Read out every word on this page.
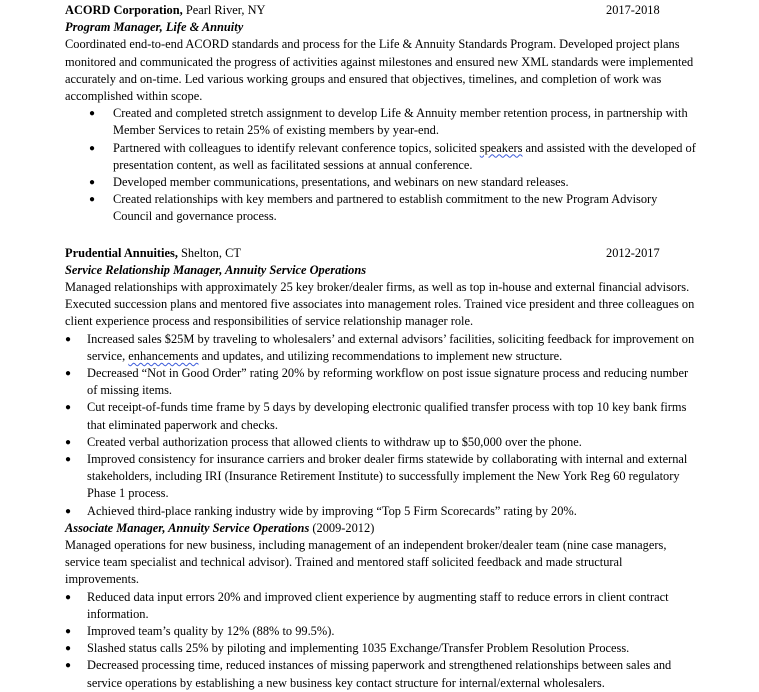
ACORD Corporation, Pearl River, NY	2017-2018
Program Manager, Life & Annuity

Coordinated end-to-end ACORD standards and process for the Life & Annuity Standards Program. Developed project plans monitored and communicated the progress of activities against milestones and ensured new XML standards were implemented accurately and on-time. Led various working groups and ensured that objectives, timelines, and completion of work was accomplished within scope.

● Created and completed stretch assignment to develop Life & Annuity member retention process, in partnership with Member Services to retain 25% of existing members by year-end.
● Partnered with colleagues to identify relevant conference topics, solicited speakers and assisted with the developed of presentation content, as well as facilitated sessions at annual conference.
● Developed member communications, presentations, and webinars on new standard releases.
● Created relationships with key members and partnered to establish commitment to the new Program Advisory Council and governance process.
Prudential Annuities, Shelton, CT	2012-2017
Service Relationship Manager, Annuity Service Operations

Managed relationships with approximately 25 key broker/dealer firms, as well as top in-house and external financial advisors. Executed succession plans and mentored five associates into management roles. Trained vice president and three colleagues on client experience process and responsibilities of service relationship manager role.

● Increased sales $25M by traveling to wholesalers’ and external advisors’ facilities, soliciting feedback for improvement on service, enhancements and updates, and utilizing recommendations to implement new structure.
● Decreased “Not in Good Order” rating 20% by reforming workflow on post issue signature process and reducing number of missing items.
● Cut receipt-of-funds time frame by 5 days by developing electronic qualified transfer process with top 10 key bank firms that eliminated paperwork and checks.
● Created verbal authorization process that allowed clients to withdraw up to $50,000 over the phone.
● Improved consistency for insurance carriers and broker dealer firms statewide by collaborating with internal and external stakeholders, including IRI (Insurance Retirement Institute) to successfully implement the New York Reg 60 regulatory Phase 1 process.
● Achieved third-place ranking industry wide by improving “Top 5 Firm Scorecards” rating by 20%.
Associate Manager, Annuity Service Operations (2009-2012)

Managed operations for new business, including management of an independent broker/dealer team (nine case managers, service team specialist and technical advisor). Trained and mentored staff solicited feedback and made structural improvements.

● Reduced data input errors 20% and improved client experience by augmenting staff to reduce errors in client contract information.
● Improved team’s quality by 12% (88% to 99.5%).
● Slashed status calls 25% by piloting and implementing 1035 Exchange/Transfer Problem Resolution Process.
● Decreased processing time, reduced instances of missing paperwork and strengthened relationships between sales and service operations by establishing a new business key contact structure for internal/external wholesalers.
